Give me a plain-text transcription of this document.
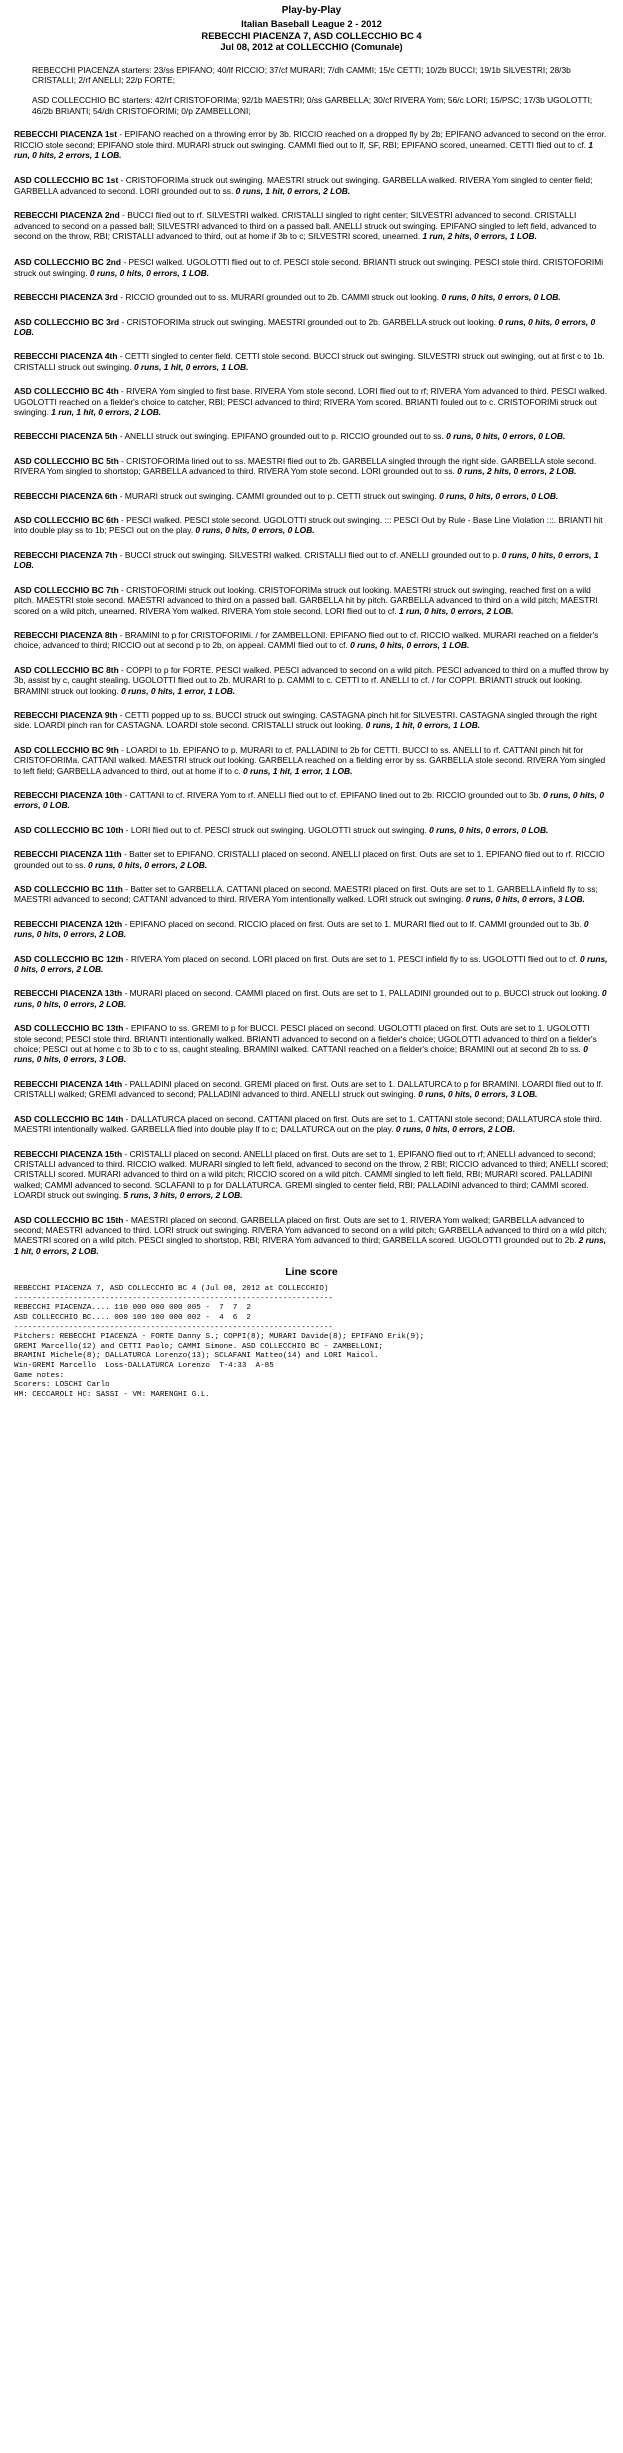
Play-by-Play
Italian Baseball League 2 - 2012
REBECCHI PIACENZA 7, ASD COLLECCHIO BC 4
Jul 08, 2012 at COLLECCHIO (Comunale)

REBECCHI PIACENZA starters: 23/ss EPIFANO; 40/lf RICCIO; 37/cf MURARI; 7/dh CAMMI; 15/c CETTI; 10/2b BUCCI; 19/1b SILVESTRI; 28/3b CRISTALLI; 2/rf ANELLI; 22/p FORTE;

ASD COLLECCHIO BC starters: 42/rf CRISTOFORIMa; 92/1b MAESTRI; 0/ss GARBELLA; 30/cf RIVERA Yom; 56/c LORI; 15/PSC; 17/3b UGOLOTTI; 46/2b BRIANTI; 54/dh CRISTOFORIMi; 0/p ZAMBELLONI;

REBECCHI PIACENZA 1st - EPIFANO reached on a throwing error by 3b. RICCIO reached on a dropped fly by 2b; EPIFANO advanced to second on the error. RICCIO stole second; EPIFANO stole third. MURARI struck out swinging. CAMMI flied out to lf, SF, RBI; EPIFANO scored, unearned. CETTI flied out to cf. 1 run, 0 hits, 2 errors, 1 LOB.

ASD COLLECCHIO BC 1st - CRISTOFORIMa struck out swinging. MAESTRI struck out swinging. GARBELLA walked. RIVERA Yom singled to center field; GARBELLA advanced to second. LORI grounded out to ss. 0 runs, 1 hit, 0 errors, 2 LOB.

REBECCHI PIACENZA 2nd - BUCCI flied out to rf. SILVESTRI walked. CRISTALLI singled to right center; SILVESTRI advanced to second. CRISTALLI advanced to second on a passed ball; SILVESTRI advanced to third on a passed ball. ANELLI struck out swinging. EPIFANO singled to left field, advanced to second on the throw, RBI; CRISTALLI advanced to third, out at home if 3b to c; SILVESTRI scored, unearned. 1 run, 2 hits, 0 errors, 1 LOB.

ASD COLLECCHIO BC 2nd - PESCI walked. UGOLOTTI flied out to cf. PESCI stole second. BRIANTI struck out swinging. PESCI stole third. CRISTOFORIMi struck out swinging. 0 runs, 0 hits, 0 errors, 1 LOB.

REBECCHI PIACENZA 3rd - RICCIO grounded out to ss. MURARI grounded out to 2b. CAMMI struck out looking. 0 runs, 0 hits, 0 errors, 0 LOB.

ASD COLLECCHIO BC 3rd - CRISTOFORIMa struck out swinging. MAESTRI grounded out to 2b. GARBELLA struck out looking. 0 runs, 0 hits, 0 errors, 0 LOB.

REBECCHI PIACENZA 4th - CETTI singled to center field. CETTI stole second. BUCCI struck out swinging. SILVESTRI struck out swinging, out at first c to 1b. CRISTALLI struck out swinging. 0 runs, 1 hit, 0 errors, 1 LOB.

ASD COLLECCHIO BC 4th - RIVERA Yom singled to first base. RIVERA Yom stole second. LORI flied out to rf; RIVERA Yom advanced to third. PESCI walked. UGOLOTTI reached on a fielder's choice to catcher, RBI; PESCI advanced to third; RIVERA Yom scored. BRIANTI fouled out to c. CRISTOFORIMi struck out swinging. 1 run, 1 hit, 0 errors, 2 LOB.

REBECCHI PIACENZA 5th - ANELLI struck out swinging. EPIFANO grounded out to p. RICCIO grounded out to ss. 0 runs, 0 hits, 0 errors, 0 LOB.

ASD COLLECCHIO BC 5th - CRISTOFORIMa lined out to ss. MAESTRI flied out to 2b. GARBELLA singled through the right side. GARBELLA stole second. RIVERA Yom singled to shortstop; GARBELLA advanced to third. RIVERA Yom stole second. LORI grounded out to ss. 0 runs, 2 hits, 0 errors, 2 LOB.

REBECCHI PIACENZA 6th - MURARI struck out swinging. CAMMI grounded out to p. CETTI struck out swinging. 0 runs, 0 hits, 0 errors, 0 LOB.

ASD COLLECCHIO BC 6th - PESCI walked. PESCI stole second. UGOLOTTI struck out swinging. ::: PESCI Out by Rule - Base Line Violation :::. BRIANTI hit into double play ss to 1b; PESCI out on the play. 0 runs, 0 hits, 0 errors, 0 LOB.

REBECCHI PIACENZA 7th - BUCCI struck out swinging. SILVESTRI walked. CRISTALLI flied out to cf. ANELLI grounded out to p. 0 runs, 0 hits, 0 errors, 1 LOB.

ASD COLLECCHIO BC 7th - CRISTOFORIMi struck out looking. CRISTOFORIMa struck out looking. MAESTRI struck out swinging, reached first on a wild pitch. MAESTRI stole second. MAESTRI advanced to third on a passed ball. GARBELLA hit by pitch. GARBELLA advanced to third on a wild pitch; MAESTRI scored on a wild pitch, unearned. RIVERA Yom walked. RIVERA Yom stole second. LORI flied out to cf. 1 run, 0 hits, 0 errors, 2 LOB.

REBECCHI PIACENZA 8th - BRAMINI to p for CRISTOFORIMi. / for ZAMBELLONI. EPIFANO flied out to cf. RICCIO walked. MURARI reached on a fielder's choice, advanced to third; RICCIO out at second p to 2b, on appeal. CAMMI flied out to cf. 0 runs, 0 hits, 0 errors, 1 LOB.

ASD COLLECCHIO BC 8th - COPPI to p for FORTE. PESCI walked. PESCI advanced to second on a wild pitch. PESCI advanced to third on a muffed throw by 3b, assist by c, caught stealing. UGOLOTTI flied out to 2b. MURARI to p. CAMMI to c. CETTI to rf. ANELLI to cf. / for COPPI. BRIANTI struck out looking. BRAMINI struck out looking. 0 runs, 0 hits, 1 error, 1 LOB.

REBECCHI PIACENZA 9th - CETTI popped up to ss. BUCCI struck out swinging. CASTAGNA pinch hit for SILVESTRI. CASTAGNA singled through the right side. LOARDI pinch ran for CASTAGNA. LOARDI stole second. CRISTALLI struck out looking. 0 runs, 1 hit, 0 errors, 1 LOB.

ASD COLLECCHIO BC 9th - LOARDI to 1b. EPIFANO to p. MURARI to cf. PALLADINI to 2b for CETTI. BUCCI to ss. ANELLI to rf. CATTANI pinch hit for CRISTOFORIMa. CATTANI walked. MAESTRI struck out looking. GARBELLA reached on a fielding error by ss. GARBELLA stole second. RIVERA Yom singled to left field; GARBELLA advanced to third, out at home if to c. 0 runs, 1 hit, 1 error, 1 LOB.

REBECCHI PIACENZA 10th - CATTANI to cf. RIVERA Yom to rf. ANELLI flied out to cf. EPIFANO lined out to 2b. RICCIO grounded out to 3b. 0 runs, 0 hits, 0 errors, 0 LOB.

ASD COLLECCHIO BC 10th - LORI flied out to cf. PESCI struck out swinging. UGOLOTTI struck out swinging. 0 runs, 0 hits, 0 errors, 0 LOB.

REBECCHI PIACENZA 11th - Batter set to EPIFANO. CRISTALLI placed on second. ANELLI placed on first. Outs are set to 1. EPIFANO flied out to rf. RICCIO grounded out to ss. 0 runs, 0 hits, 0 errors, 2 LOB.

ASD COLLECCHIO BC 11th - Batter set to GARBELLA. CATTANI placed on second. MAESTRI placed on first. Outs are set to 1. GARBELLA infield fly to ss; MAESTRI advanced to second; CATTANI advanced to third. RIVERA Yom intentionally walked. LORI struck out swinging. 0 runs, 0 hits, 0 errors, 3 LOB.

REBECCHI PIACENZA 12th - EPIFANO placed on second. RICCIO placed on first. Outs are set to 1. MURARI flied out to lf. CAMMI grounded out to 3b. 0 runs, 0 hits, 0 errors, 2 LOB.

ASD COLLECCHIO BC 12th - RIVERA Yom placed on second. LORI placed on first. Outs are set to 1. PESCI infield fly to ss. UGOLOTTI flied out to cf. 0 runs, 0 hits, 0 errors, 2 LOB.

REBECCHI PIACENZA 13th - MURARI placed on second. CAMMI placed on first. Outs are set to 1. PALLADINI grounded out to p. BUCCI struck out looking. 0 runs, 0 hits, 0 errors, 2 LOB.

ASD COLLECCHIO BC 13th - EPIFANO to ss. GREMI to p for BUCCI. PESCI placed on second. UGOLOTTI placed on first. Outs are set to 1. UGOLOTTI stole second; PESCI stole third. BRIANTI intentionally walked. BRIANTI advanced to second on a fielder's choice; UGOLOTTI advanced to third on a fielder's choice; PESCI out at home c to 3b to c to ss, caught stealing. BRAMINI walked. CATTANI reached on a fielder's choice; BRAMINI out at second 2b to ss. 0 runs, 0 hits, 0 errors, 3 LOB.

REBECCHI PIACENZA 14th - PALLADINI placed on second. GREMI placed on first. Outs are set to 1. DALLATURCA to p for BRAMINI. LOARDI flied out to lf. CRISTALLI walked; GREMI advanced to second; PALLADINI advanced to third. ANELLI struck out swinging. 0 runs, 0 hits, 0 errors, 3 LOB.

ASD COLLECCHIO BC 14th - DALLATURCA placed on second. CATTANI placed on first. Outs are set to 1. CATTANI stole second; DALLATURCA stole third. MAESTRI intentionally walked. GARBELLA flied into double play lf to c; DALLATURCA out on the play. 0 runs, 0 hits, 0 errors, 2 LOB.

REBECCHI PIACENZA 15th - CRISTALLI placed on second. ANELLI placed on first. Outs are set to 1. EPIFANO flied out to rf; ANELLI advanced to second; CRISTALLI advanced to third. RICCIO walked. MURARI singled to left field, advanced to second on the throw, 2 RBI; RICCIO advanced to third; ANELLI scored; CRISTALLI scored. MURARI advanced to third on a wild pitch; RICCIO scored on a wild pitch. CAMMI singled to left field, RBI; MURARI scored. PALLADINI walked; CAMMI advanced to second. SCLAFANI to p for DALLATURCA. GREMI singled to center field, RBI; PALLADINI advanced to third; CAMMI scored. LOARDI struck out swinging. 5 runs, 3 hits, 0 errors, 2 LOB.

ASD COLLECCHIO BC 15th - MAESTRI placed on second. GARBELLA placed on first. Outs are set to 1. RIVERA Yom walked; GARBELLA advanced to second; MAESTRI advanced to third. LORI struck out swinging. RIVERA Yom advanced to second on a wild pitch; GARBELLA advanced to third on a wild pitch; MAESTRI scored on a wild pitch. PESCI singled to shortstop, RBI; RIVERA Yom advanced to third; GARBELLA scored. UGOLOTTI grounded out to 2b. 2 runs, 1 hit, 0 errors, 2 LOB.

Line score
REBECCHI PIACENZA 7, ASD COLLECCHIO BC 4 (Jul 08, 2012 at COLLECCHIO)
----------------------------------------------------------------------
REBECCHI PIACENZA.... 110 000 000 000 005 -  7  7  2
ASD COLLECCHIO BC.... 000 100 100 000 002 -  4  6  2
----------------------------------------------------------------------
Pitchers: REBECCHI PIACENZA - FORTE Danny S.; COPPI(8); MURARI Davide(8); EPIFANO Erik(9);
GREMI Marcello(12) and CETTI Paolo; CAMMI Simone. ASD COLLECCHIO BC - ZAMBELLONI;
BRAMINI Michele(8); DALLATURCA Lorenzo(13); SCLAFANI Matteo(14) and LORI Maicol.
Win-GREMI Marcello  Loss-DALLATURCA Lorenzo  T-4:33  A-85
Game notes:
Scorers: LOSCHI Carlo
HM: CECCAROLI HC: SASSI - VM: MARENGHI G.L.
